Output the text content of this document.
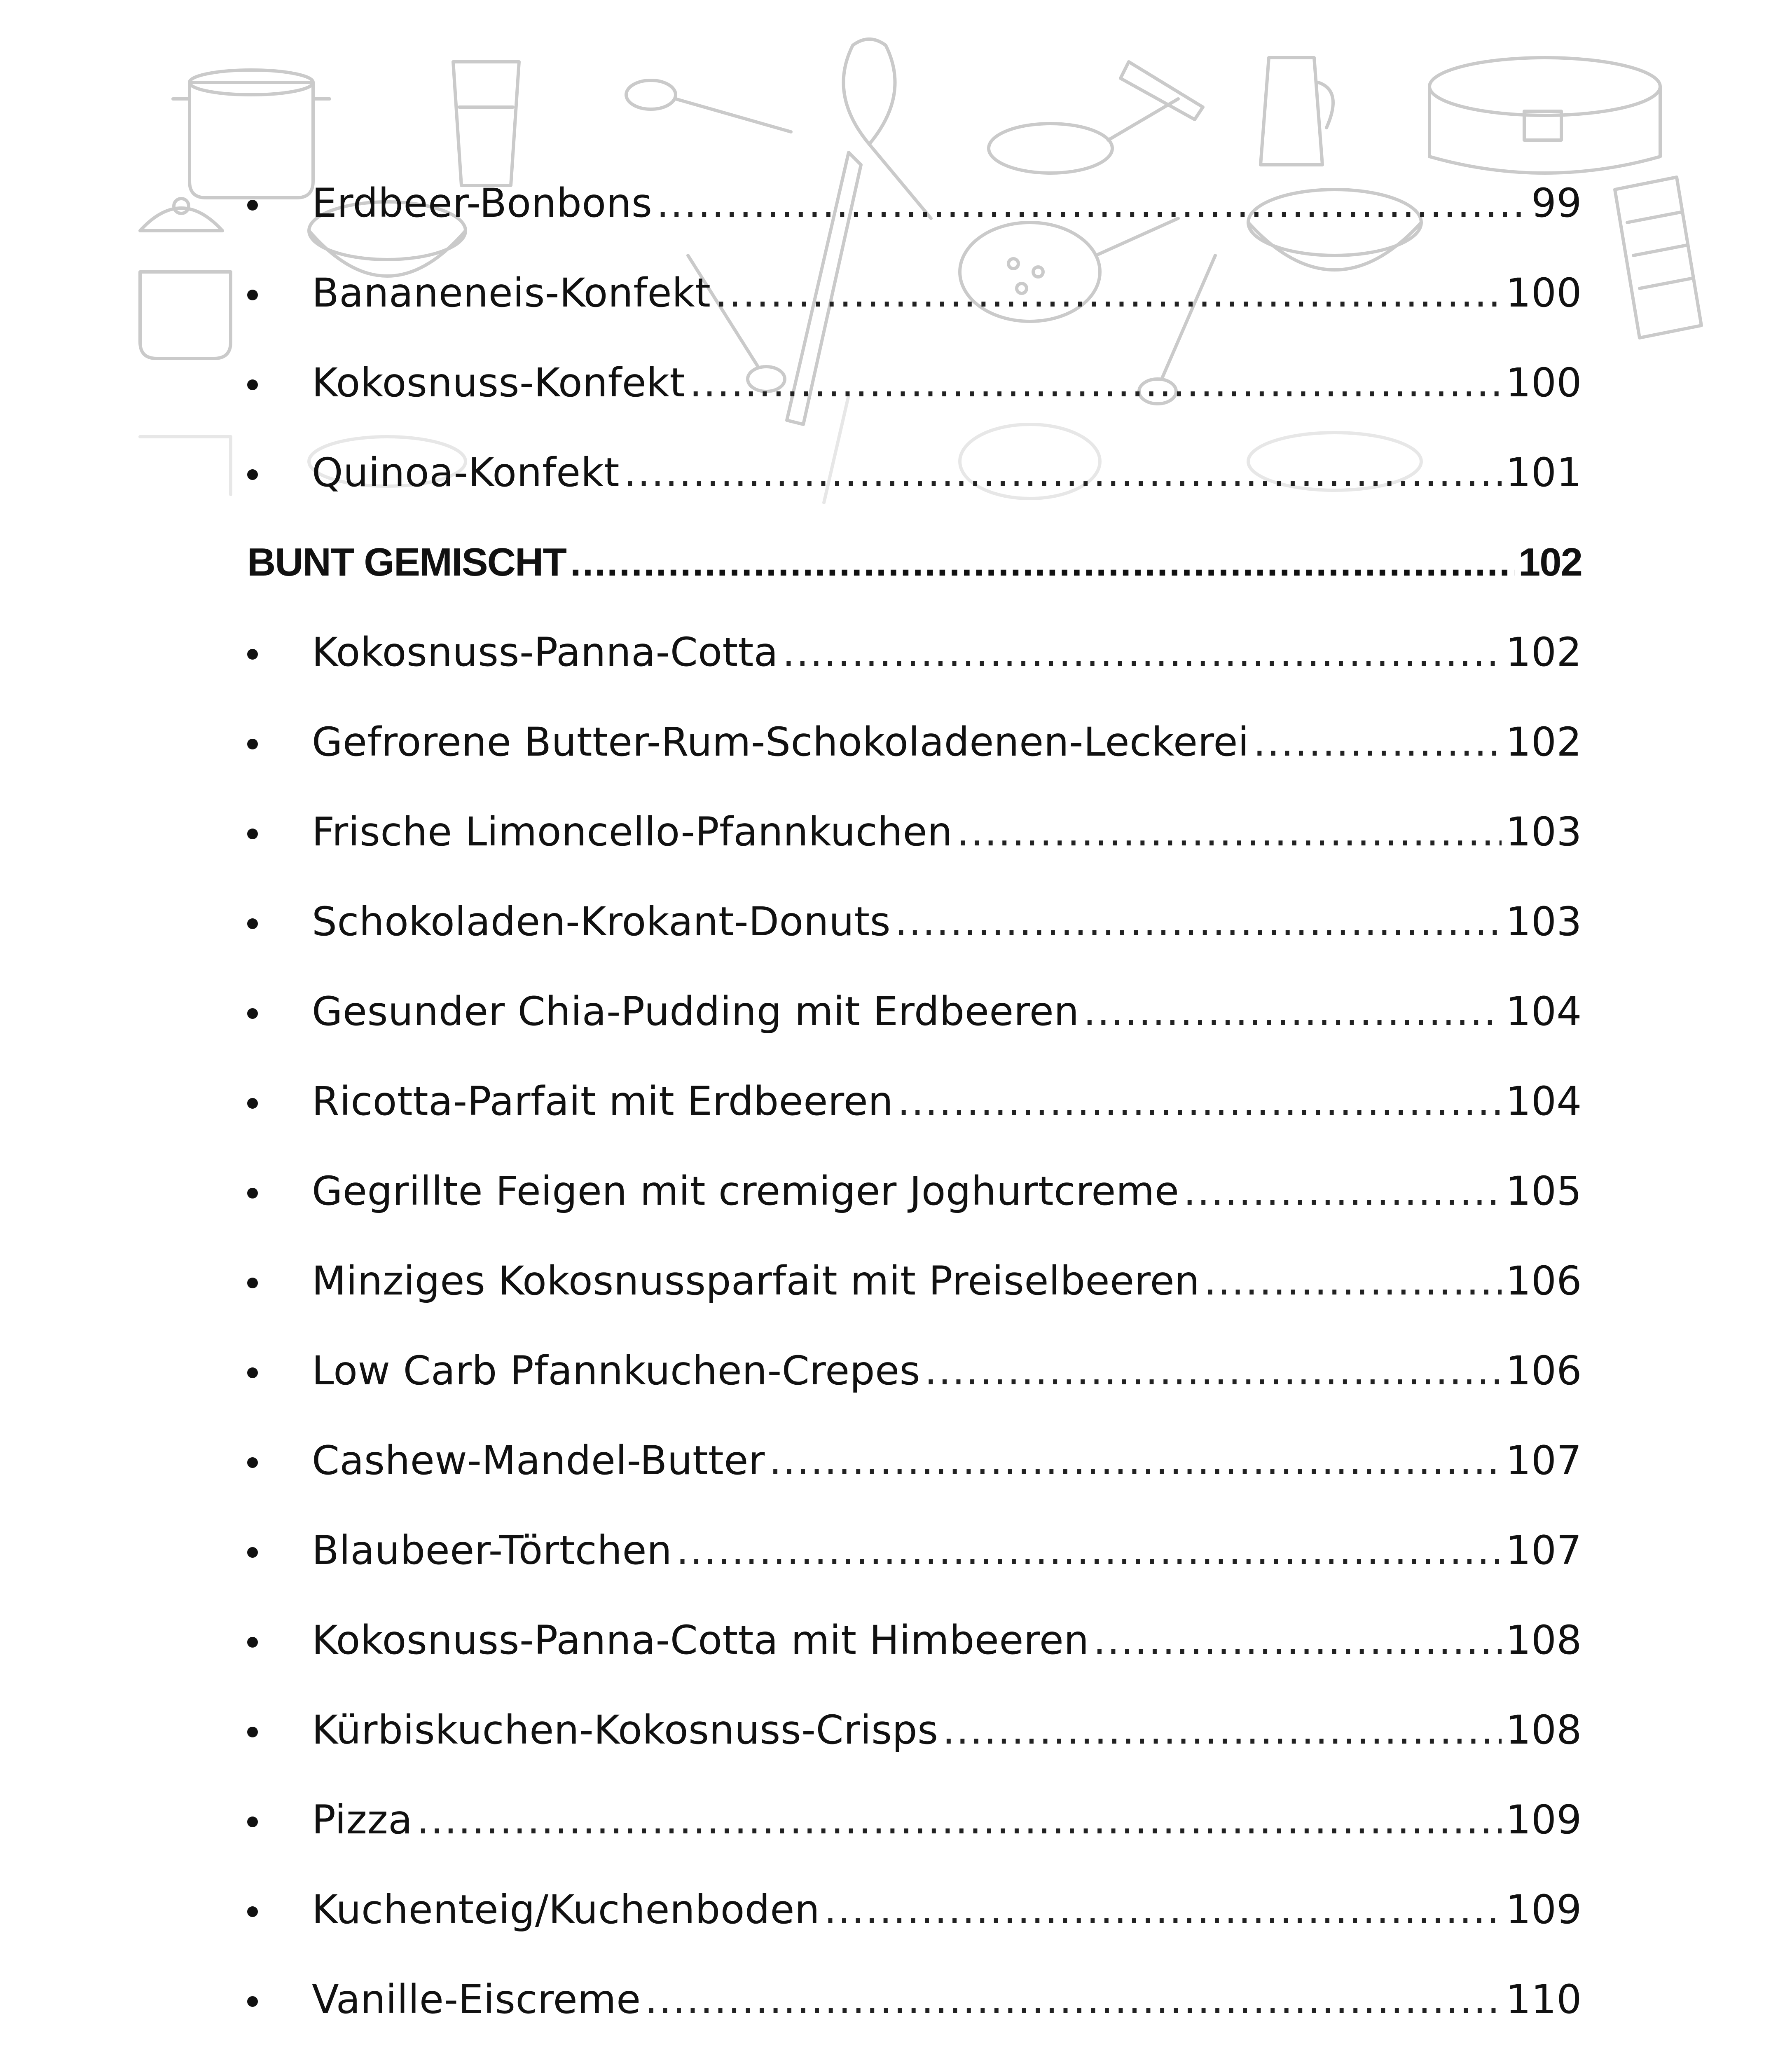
Erdbeer-Bonbons .....	99
Bananeneis-Konfekt .....	100
Kokosnuss-Konfekt .....	100
Quinoa-Konfekt .....	101
BUNT GEMISCHT .....	102
Kokosnuss-Panna-Cotta .....	102
Gefrorene Butter-Rum-Schokoladenen-Leckerei .....	102
Frische Limoncello-Pfannkuchen .....	103
Schokoladen-Krokant-Donuts .....	103
Gesunder Chia-Pudding mit Erdbeeren .....	104
Ricotta-Parfait mit Erdbeeren .....	104
Gegrillte Feigen mit cremiger Joghurtcreme .....	105
Minziges Kokosnussparfait mit Preiselbeeren .....	106
Low Carb Pfannkuchen-Crepes .....	106
Cashew-Mandel-Butter .....	107
Blaubeer-Törtchen .....	107
Kokosnuss-Panna-Cotta mit Himbeeren .....	108
Kürbiskuchen-Kokosnuss-Crisps .....	108
Pizza .....	109
Kuchenteig/Kuchenboden .....	109
Vanille-Eiscreme .....	110
